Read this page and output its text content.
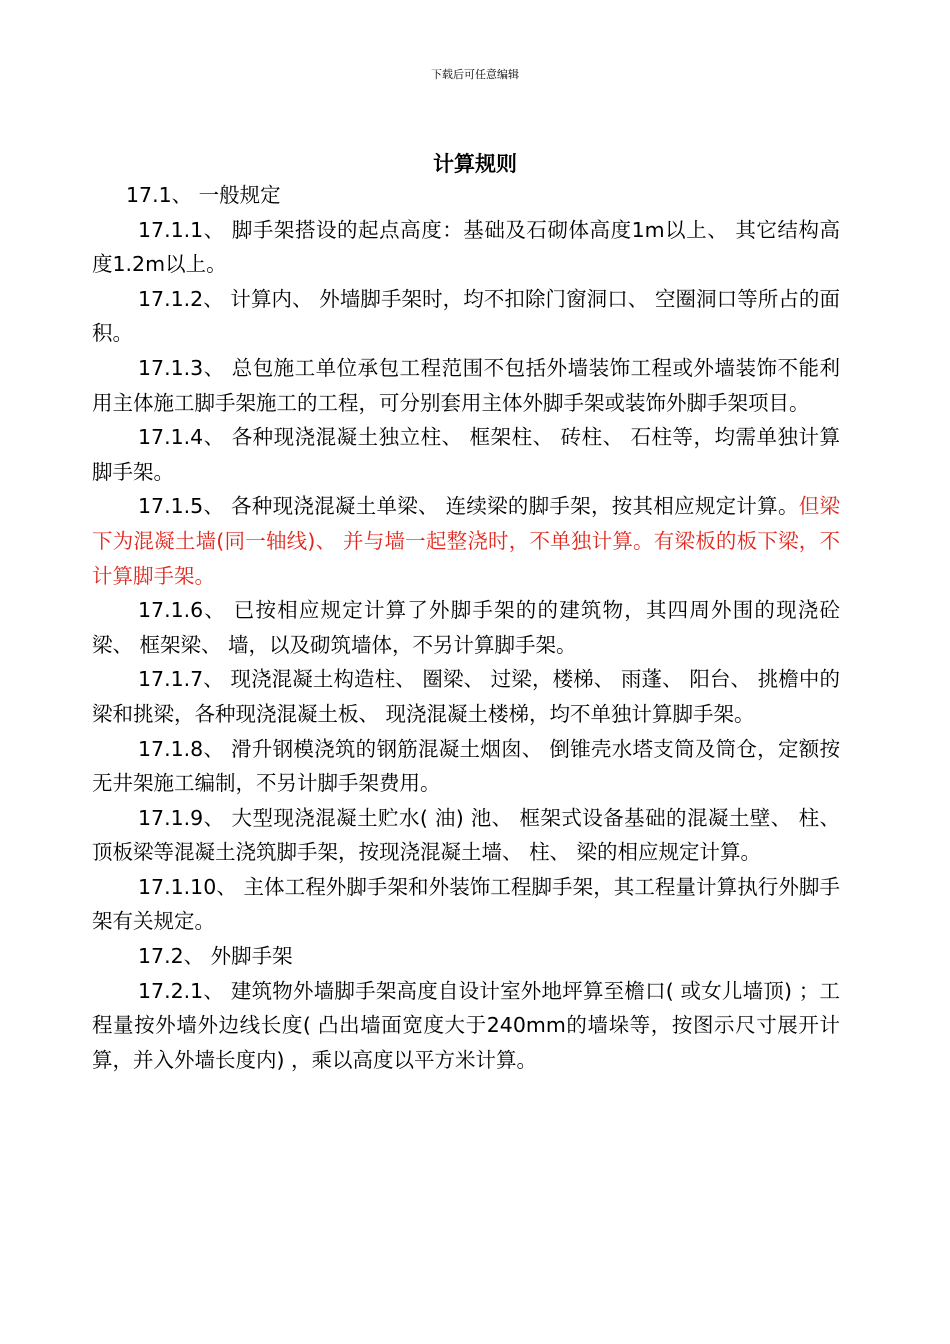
下载后可任意编辑
计算规则

17.1、 一般规定

17.1.1、 脚手架搭设的起点高度：基础及石砌体高度1m以上、 其它结构高度1.2m以上。

17.1.2、 计算内、 外墙脚手架时，均不扣除门窗洞口、 空圈洞口等所占的面积。

17.1.3、 总包施工单位承包工程范围不包括外墙装饰工程或外墙装饰不能利用主体施工脚手架施工的工程，可分别套用主体外脚手架或装饰外脚手架项目。

17.1.4、 各种现浇混凝土独立柱、 框架柱、 砖柱、 石柱等，均需单独计算脚手架。

17.1.5、 各种现浇混凝土单梁、 连续梁的脚手架，按其相应规定计算。但梁下为混凝土墙(同一轴线)、 并与墙一起整浇时，不单独计算。有梁板的板下梁，不计算脚手架。

17.1.6、 已按相应规定计算了外脚手架的的建筑物，其四周外围的现浇砼梁、 框架梁、 墙，以及砌筑墙体，不另计算脚手架。

17.1.7、 现浇混凝土构造柱、 圈梁、 过梁，楼梯、 雨蓬、 阳台、 挑檐中的梁和挑梁，各种现浇混凝土板、 现浇混凝土楼梯，均不单独计算脚手架。

17.1.8、 滑升钢模浇筑的钢筋混凝土烟囱、 倒锥壳水塔支筒及筒仓，定额按无井架施工编制，不另计脚手架费用。

17.1.9、 大型现浇混凝土贮水( 油) 池、 框架式设备基础的混凝土壁、 柱、 顶板梁等混凝土浇筑脚手架，按现浇混凝土墙、 柱、 梁的相应规定计算。

17.1.10、 主体工程外脚手架和外装饰工程脚手架，其工程量计算执行外脚手架有关规定。

17.2、 外脚手架

17.2.1、 建筑物外墙脚手架高度自设计室外地坪算至檐口( 或女儿墙顶) ；工程量按外墙外边线长度( 凸出墙面宽度大于240mm的墙垛等，按图示尺寸展开计算，并入外墙长度内) ，乘以高度以平方米计算。
